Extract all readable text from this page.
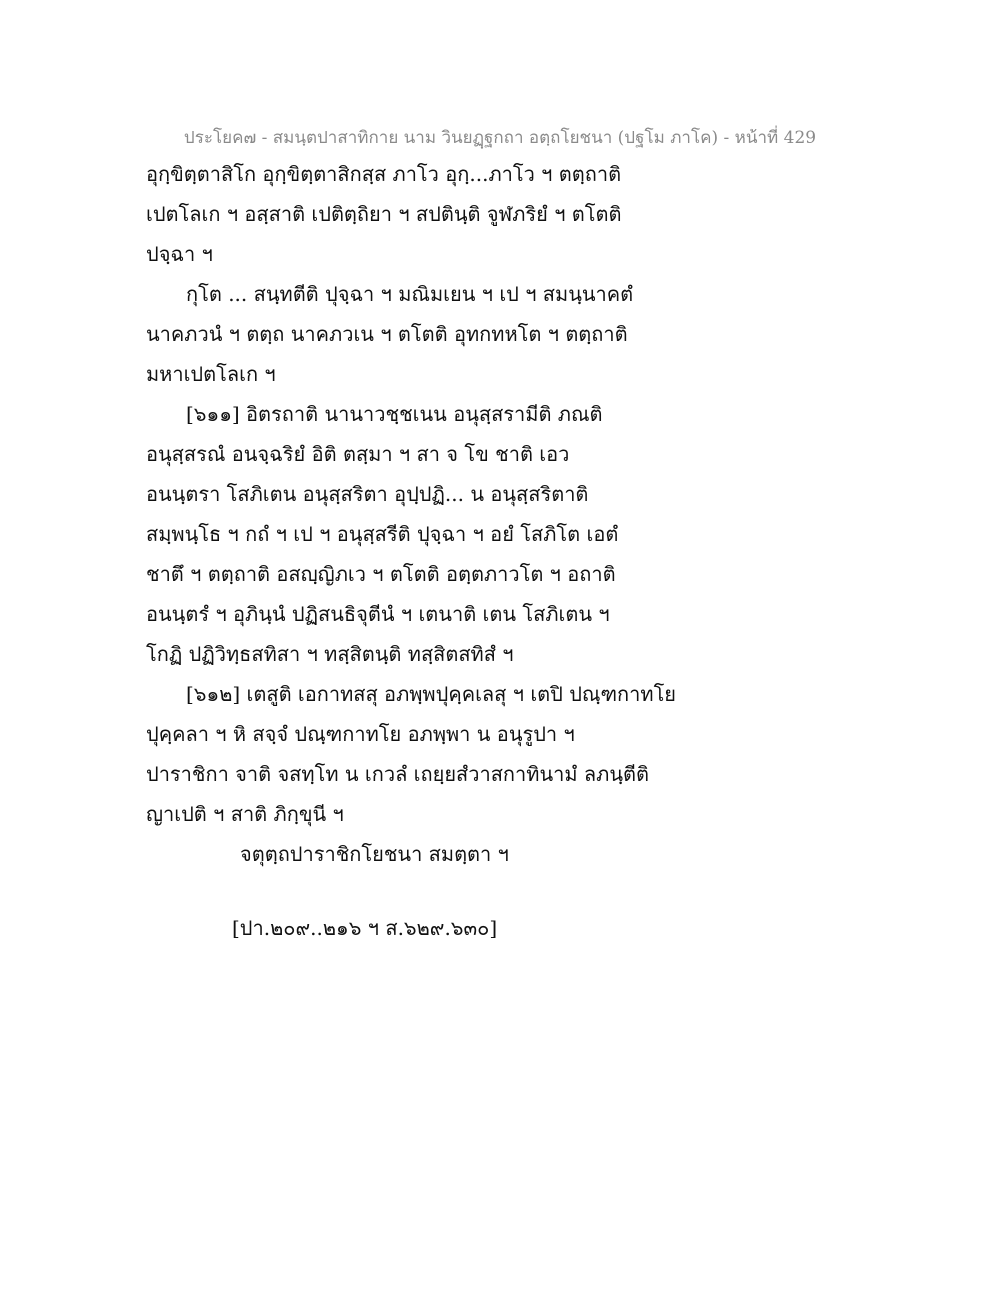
ประโยค๗ - สมนฺตปาสาทิกาย นาม วินยฏฺฐกถา อตฺถโยชนา (ปฐโม ภาโค) - หน้าที่ 429
อุกฺขิตฺตาสิโก อุกฺขิตฺตาสิกสฺส ภาโว อุกฺ...ภาโว ฯ ตตฺถาติ
เปตโลเก ฯ อสฺสาติ เปติตฺถิยา ฯ สปตินฺติ จูฬภริยํ ฯ ตโตติ
ปจฺฉา ฯ
กุโต ... สนฺทตีติ ปุจฺฉา ฯ มณิมเยน ฯ เป ฯ สมนฺนาคตํ
นาคภวนํ ฯ ตตฺถ นาคภวเน ฯ ตโตติ อุทกทหโต ฯ ตตฺถาติ
มหาเปตโลเก ฯ
[๖๑๑] อิตรถาติ นานาวชฺชเนน อนุสฺสรามีติ ภณติ
อนุสฺสรณํ อนจฺฉริยํ อิติ ตสฺมา ฯ สา จ โข ชาติ เอว
อนนฺตรา โสภิเตน อนุสฺสริตา อุปฺปฏิ... น อนุสฺสริตาติ
สมฺพนฺโธ ฯ กถํ ฯ เป ฯ อนุสฺสรีติ ปุจฺฉา ฯ อยํ โสภิโต เอตํ
ชาตึ ฯ ตตฺถาติ อสญฺญิภเว ฯ ตโตติ อตฺตภาวโต ฯ อถาติ
อนนฺตรํ ฯ อุภินฺนํ ปฏิสนธิจุตีนํ ฯ เตนาติ เตน โสภิเตน ฯ
โกฏิ ปฏิวิทฺธสทิสา ฯ ทสฺสิตนฺติ ทสฺสิตสทิสํ ฯ
[๖๑๒] เตสูติ เอกาทสสุ อภพฺพปุคฺคเลสุ ฯ เตปิ ปณฺฑกาทโย
ปุคฺคลา ฯ หิ สจฺจํ ปณฺฑกาทโย อภพฺพา น อนุรูปา ฯ
ปาราชิกา จาติ จสทฺโท น เกวลํ เถยฺยสํวาสกาทินามํ ลภนฺตีติ
ญาเปติ ฯ สาติ ภิกฺขุนี ฯ
จตุตฺถปาราชิกโยชนา สมตฺตา ฯ
[ปา.๒๐๙..๒๑๖ ฯ ส.๖๒๙.๖๓๐]
